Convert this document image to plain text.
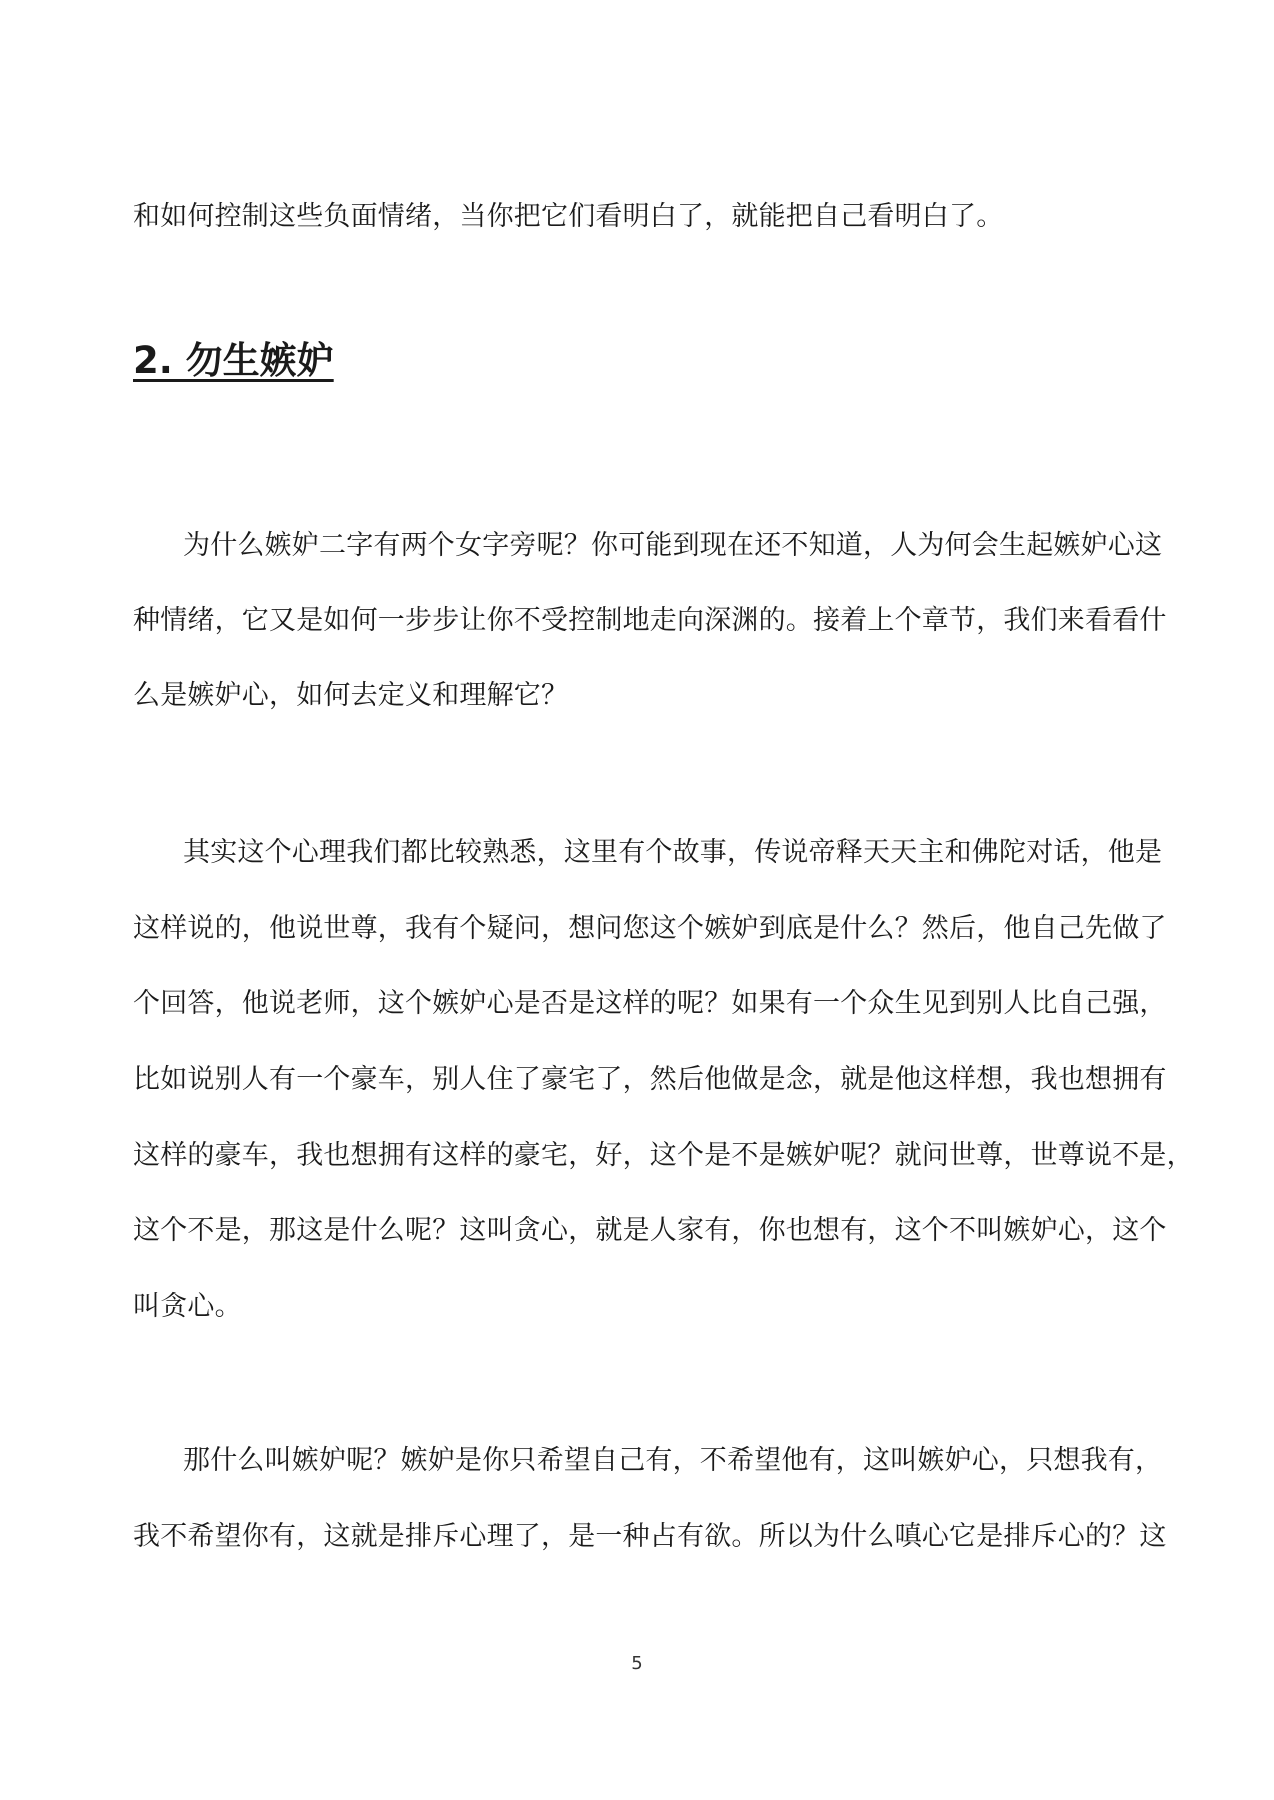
和如何控制这些负面情绪，当你把它们看明白了，就能把自己看明白了。
2. 勿生嫉妒
为什么嫉妒二字有两个女字旁呢？你可能到现在还不知道，人为何会生起嫉妒心这
种情绪，它又是如何一步步让你不受控制地走向深渊的。接着上个章节，我们来看看什
么是嫉妒心，如何去定义和理解它？
其实这个心理我们都比较熟悉，这里有个故事，传说帝释天天主和佛陀对话，他是
这样说的，他说世尊，我有个疑问，想问您这个嫉妒到底是什么？然后，他自己先做了
个回答，他说老师，这个嫉妒心是否是这样的呢？如果有一个众生见到别人比自己强，
比如说别人有一个豪车，别人住了豪宅了，然后他做是念，就是他这样想，我也想拥有
这样的豪车，我也想拥有这样的豪宅，好，这个是不是嫉妒呢？就问世尊，世尊说不是，
这个不是，那这是什么呢？这叫贪心，就是人家有，你也想有，这个不叫嫉妒心，这个
叫贪心。
那什么叫嫉妒呢？嫉妒是你只希望自己有，不希望他有，这叫嫉妒心，只想我有，
我不希望你有，这就是排斥心理了，是一种占有欲。所以为什么嗔心它是排斥心的？这
5
